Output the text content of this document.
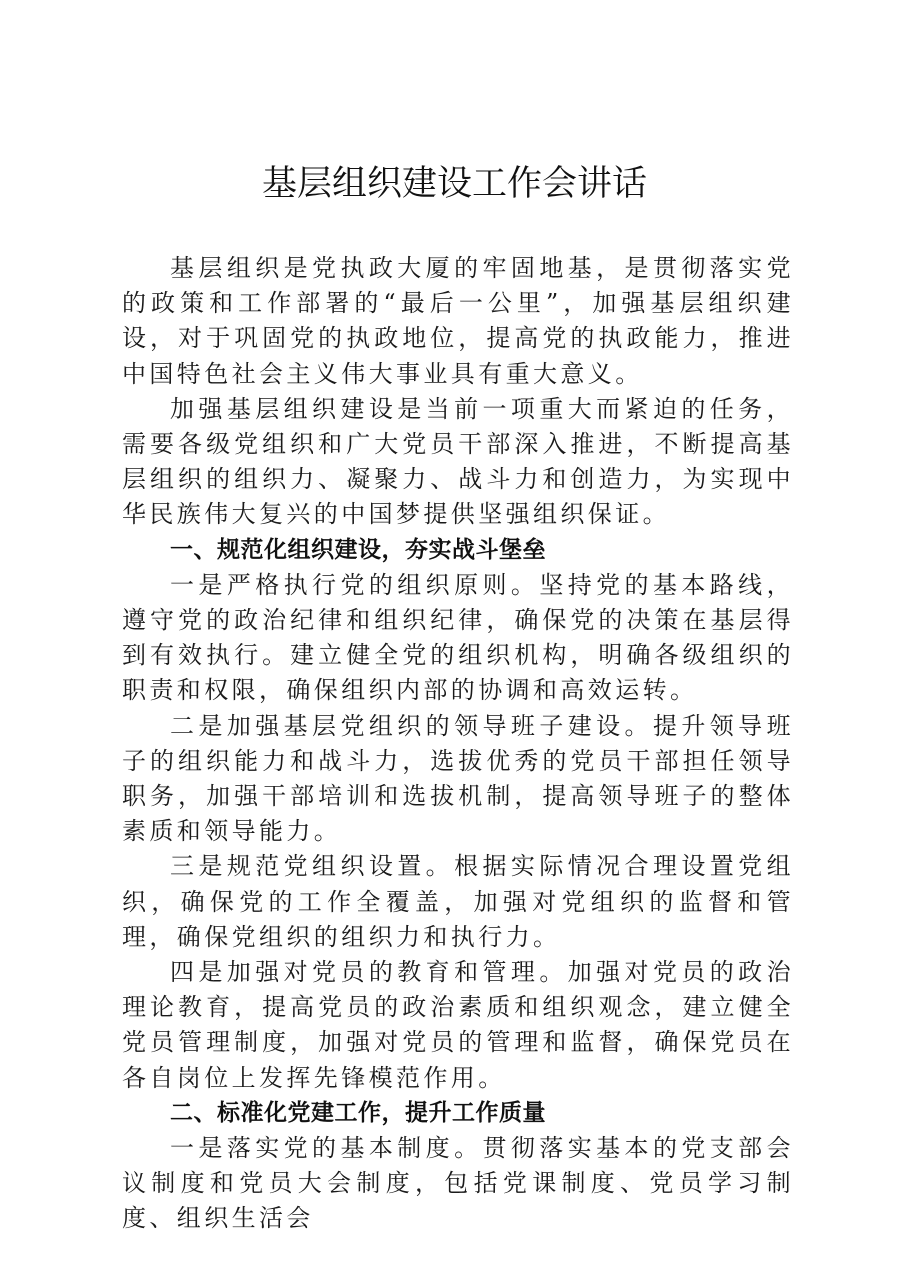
基层组织建设工作会讲话

基层组织是党执政大厦的牢固地基，是贯彻落实党的政策和工作部署的“最后一公里”，加强基层组织建设，对于巩固党的执政地位，提高党的执政能力，推进中国特色社会主义伟大事业具有重大意义。

加强基层组织建设是当前一项重大而紧迫的任务，需要各级党组织和广大党员干部深入推进，不断提高基层组织的组织力、凝聚力、战斗力和创造力，为实现中华民族伟大复兴的中国梦提供坚强组织保证。

一、规范化组织建设，夯实战斗堡垒

一是严格执行党的组织原则。坚持党的基本路线，遵守党的政治纪律和组织纪律，确保党的决策在基层得到有效执行。建立健全党的组织机构，明确各级组织的职责和权限，确保组织内部的协调和高效运转。

二是加强基层党组织的领导班子建设。提升领导班子的组织能力和战斗力，选拔优秀的党员干部担任领导职务，加强干部培训和选拔机制，提高领导班子的整体素质和领导能力。

三是规范党组织设置。根据实际情况合理设置党组织，确保党的工作全覆盖，加强对党组织的监督和管理，确保党组织的组织力和执行力。

四是加强对党员的教育和管理。加强对党员的政治理论教育，提高党员的政治素质和组织观念，建立健全党员管理制度，加强对党员的管理和监督，确保党员在各自岗位上发挥先锋模范作用。

二、标准化党建工作，提升工作质量

一是落实党的基本制度。贯彻落实基本的党支部会议制度和党员大会制度，包括党课制度、党员学习制度、组织生活会
